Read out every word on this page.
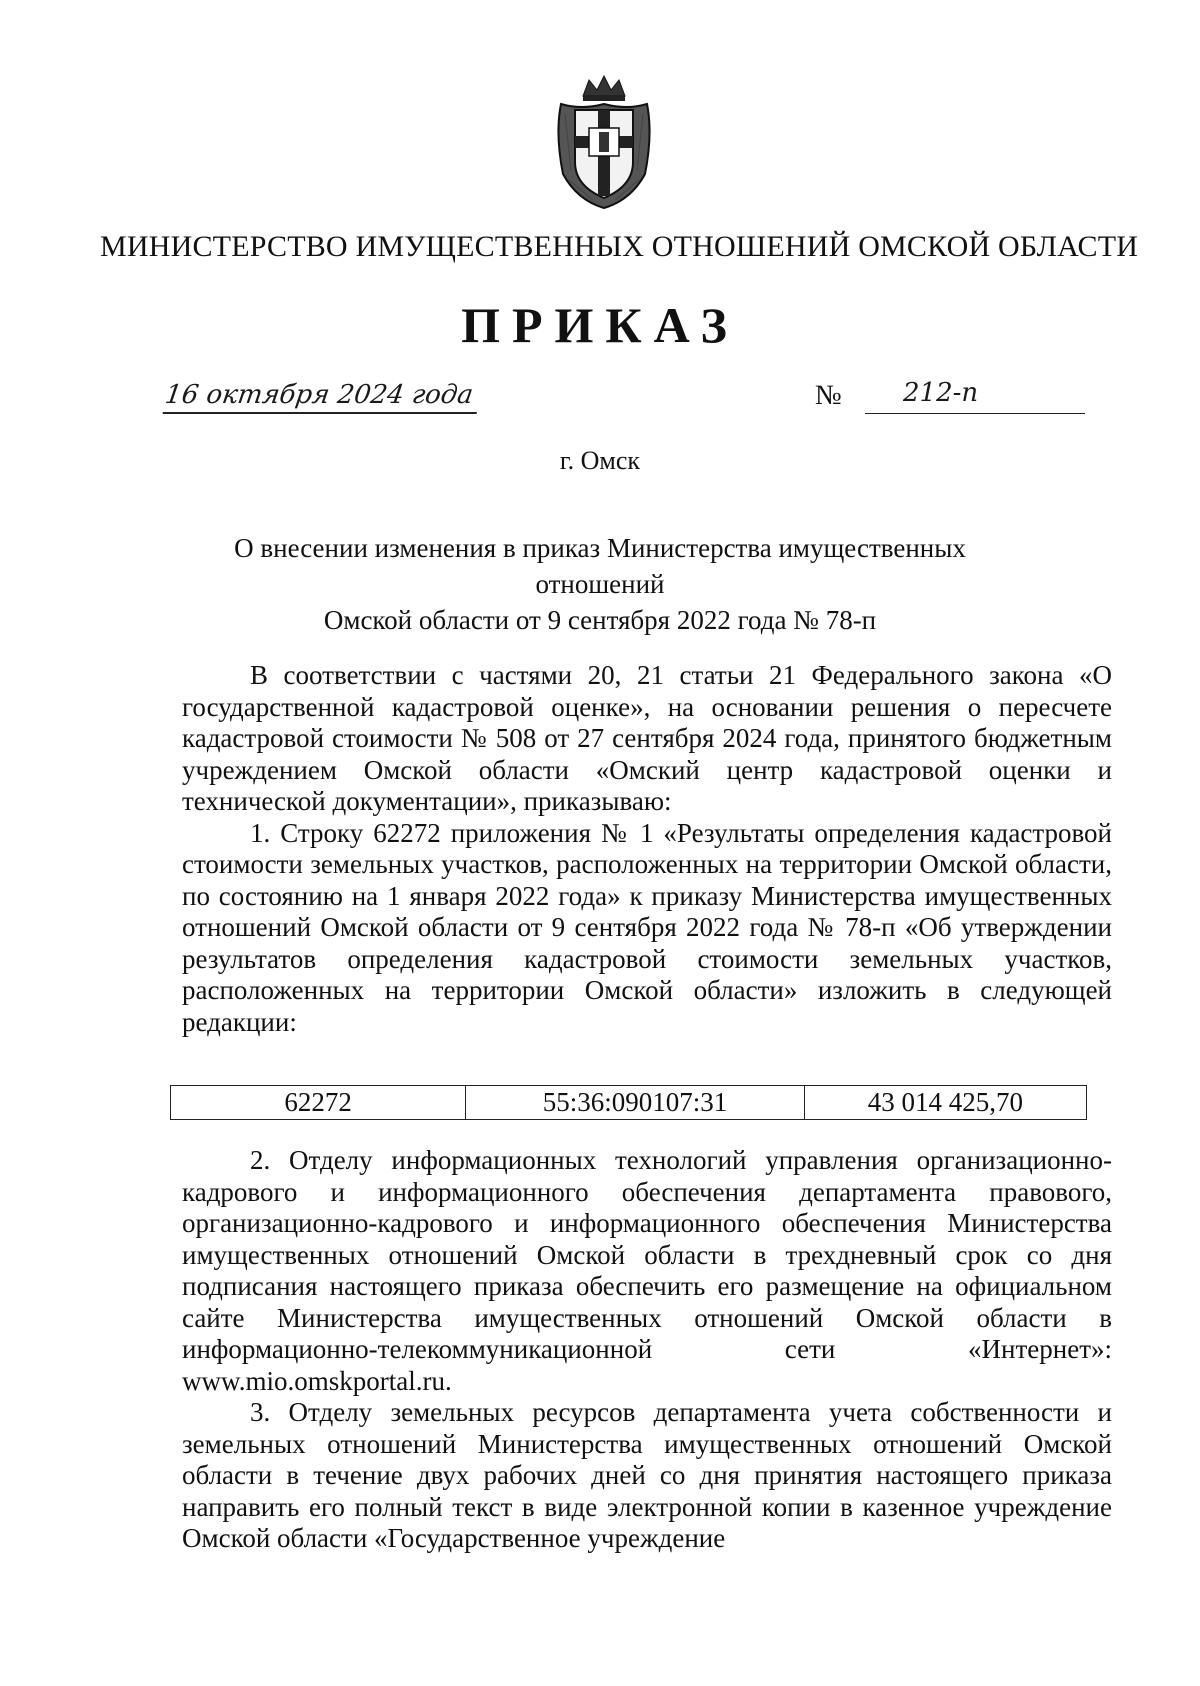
МИНИСТЕРСТВО ИМУЩЕСТВЕННЫХ ОТНОШЕНИЙ ОМСКОЙ ОБЛАСТИ
ПРИКАЗ
16 октября 2024 года	№	212-п
г. Омск
О внесении изменения в приказ Министерства имущественных отношений
Омской области от 9 сентября 2022 года № 78-п

В соответствии с частями 20, 21 статьи 21 Федерального закона «О государственной кадастровой оценке», на основании решения о пересчете кадастровой стоимости № 508 от 27 сентября 2024 года, принятого бюджетным учреждением Омской области «Омский центр кадастровой оценки и технической документации», приказываю:

1. Строку 62272 приложения № 1 «Результаты определения кадастровой стоимости земельных участков, расположенных на территории Омской области, по состоянию на 1 января 2022 года» к приказу Министерства имущественных отношений Омской области от 9 сентября 2022 года № 78-п «Об утверждении результатов определения кадастровой стоимости земельных участков, расположенных на территории Омской области» изложить в следующей редакции:

62272	55:36:090107:31	43 014 425,70

2. Отделу информационных технологий управления организационно-кадрового и информационного обеспечения департамента правового, организационно-кадрового и информационного обеспечения Министерства имущественных отношений Омской области в трехдневный срок со дня подписания настоящего приказа обеспечить его размещение на официальном сайте Министерства имущественных отношений Омской области в информационно-телекоммуникационной сети «Интернет»: www.mio.omskportal.ru.

3. Отделу земельных ресурсов департамента учета собственности и земельных отношений Министерства имущественных отношений Омской области в течение двух рабочих дней со дня принятия настоящего приказа направить его полный текст в виде электронной копии в казенное учреждение Омской области «Государственное учреждение
